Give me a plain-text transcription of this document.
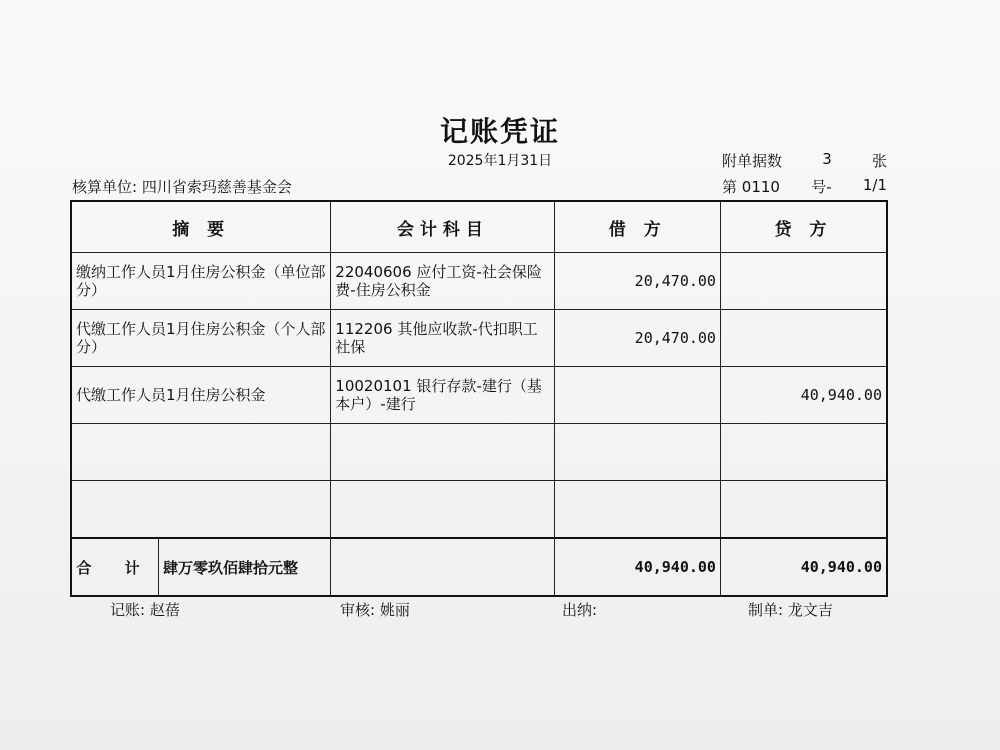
记账凭证
2025年1月31日	附单据数	3	张
核算单位: 四川省索玛慈善基金会	第 0110 号- 1/1
摘 要	会计科目	借 方	贷 方
缴纳工作人员1月住房公积金（单位部分）	22040606 应付工资-社会保险费-住房公积金	20,470.00	
代缴工作人员1月住房公积金（个人部分）	112206 其他应收款-代扣职工社保	20,470.00	
代缴工作人员1月住房公积金	10020101 银行存款-建行（基本户）-建行		40,940.00

合 计 肆万零玖佰肆拾元整		40,940.00	40,940.00
记账: 赵蓓	审核: 姚丽	出纳:	制单: 龙文吉
